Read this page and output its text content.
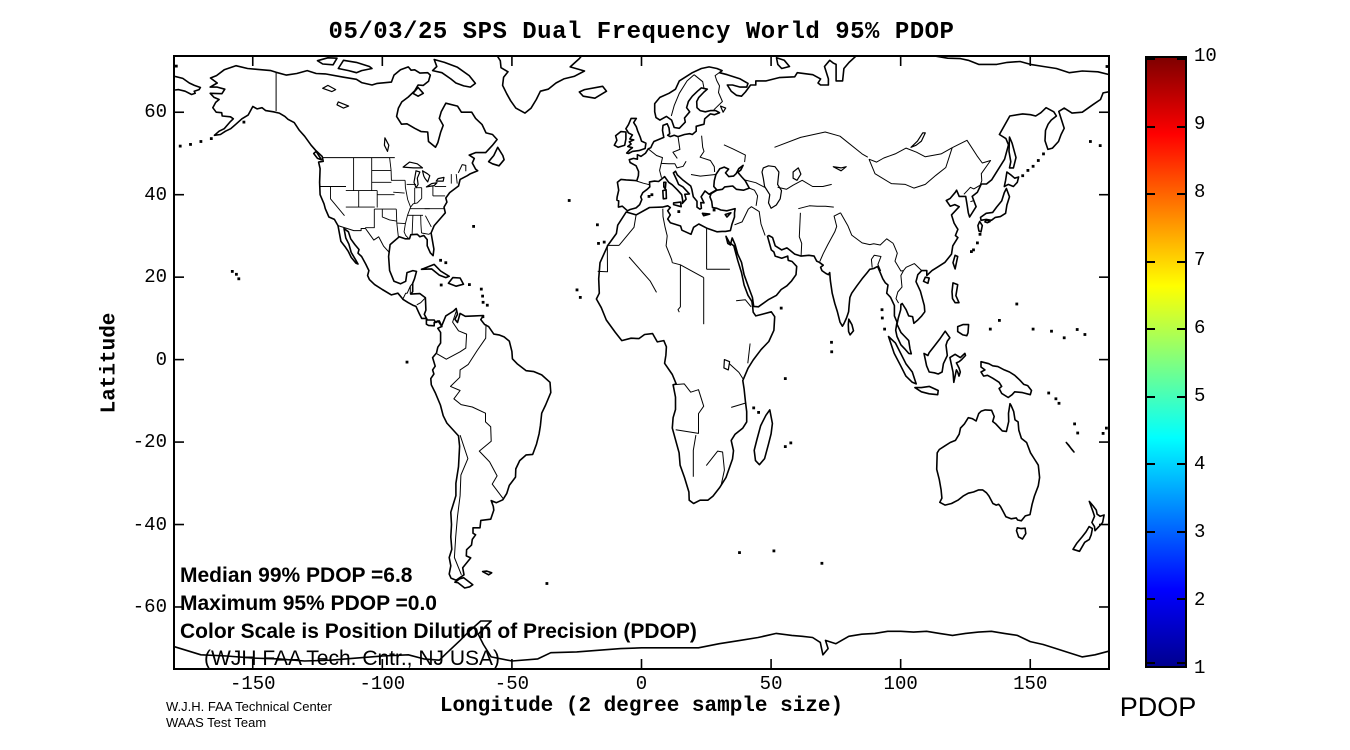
05/03/25 SPS Dual Frequency World 95% PDOP
Median 99% PDOP =6.8
Maximum 95% PDOP =0.0
Color Scale is Position Dilution of Precision (PDOP)
(WJH FAA Tech. Cntr., NJ USA)
Longitude (2 degree sample size)
Latitude
PDOP
W.J.H. FAA Technical Center
WAAS Test Team
-150	-100	-50	0	50	100	150
60
40
20
0
-20
-40
-60
10
9
8
7
6
5
4
3
2
1
